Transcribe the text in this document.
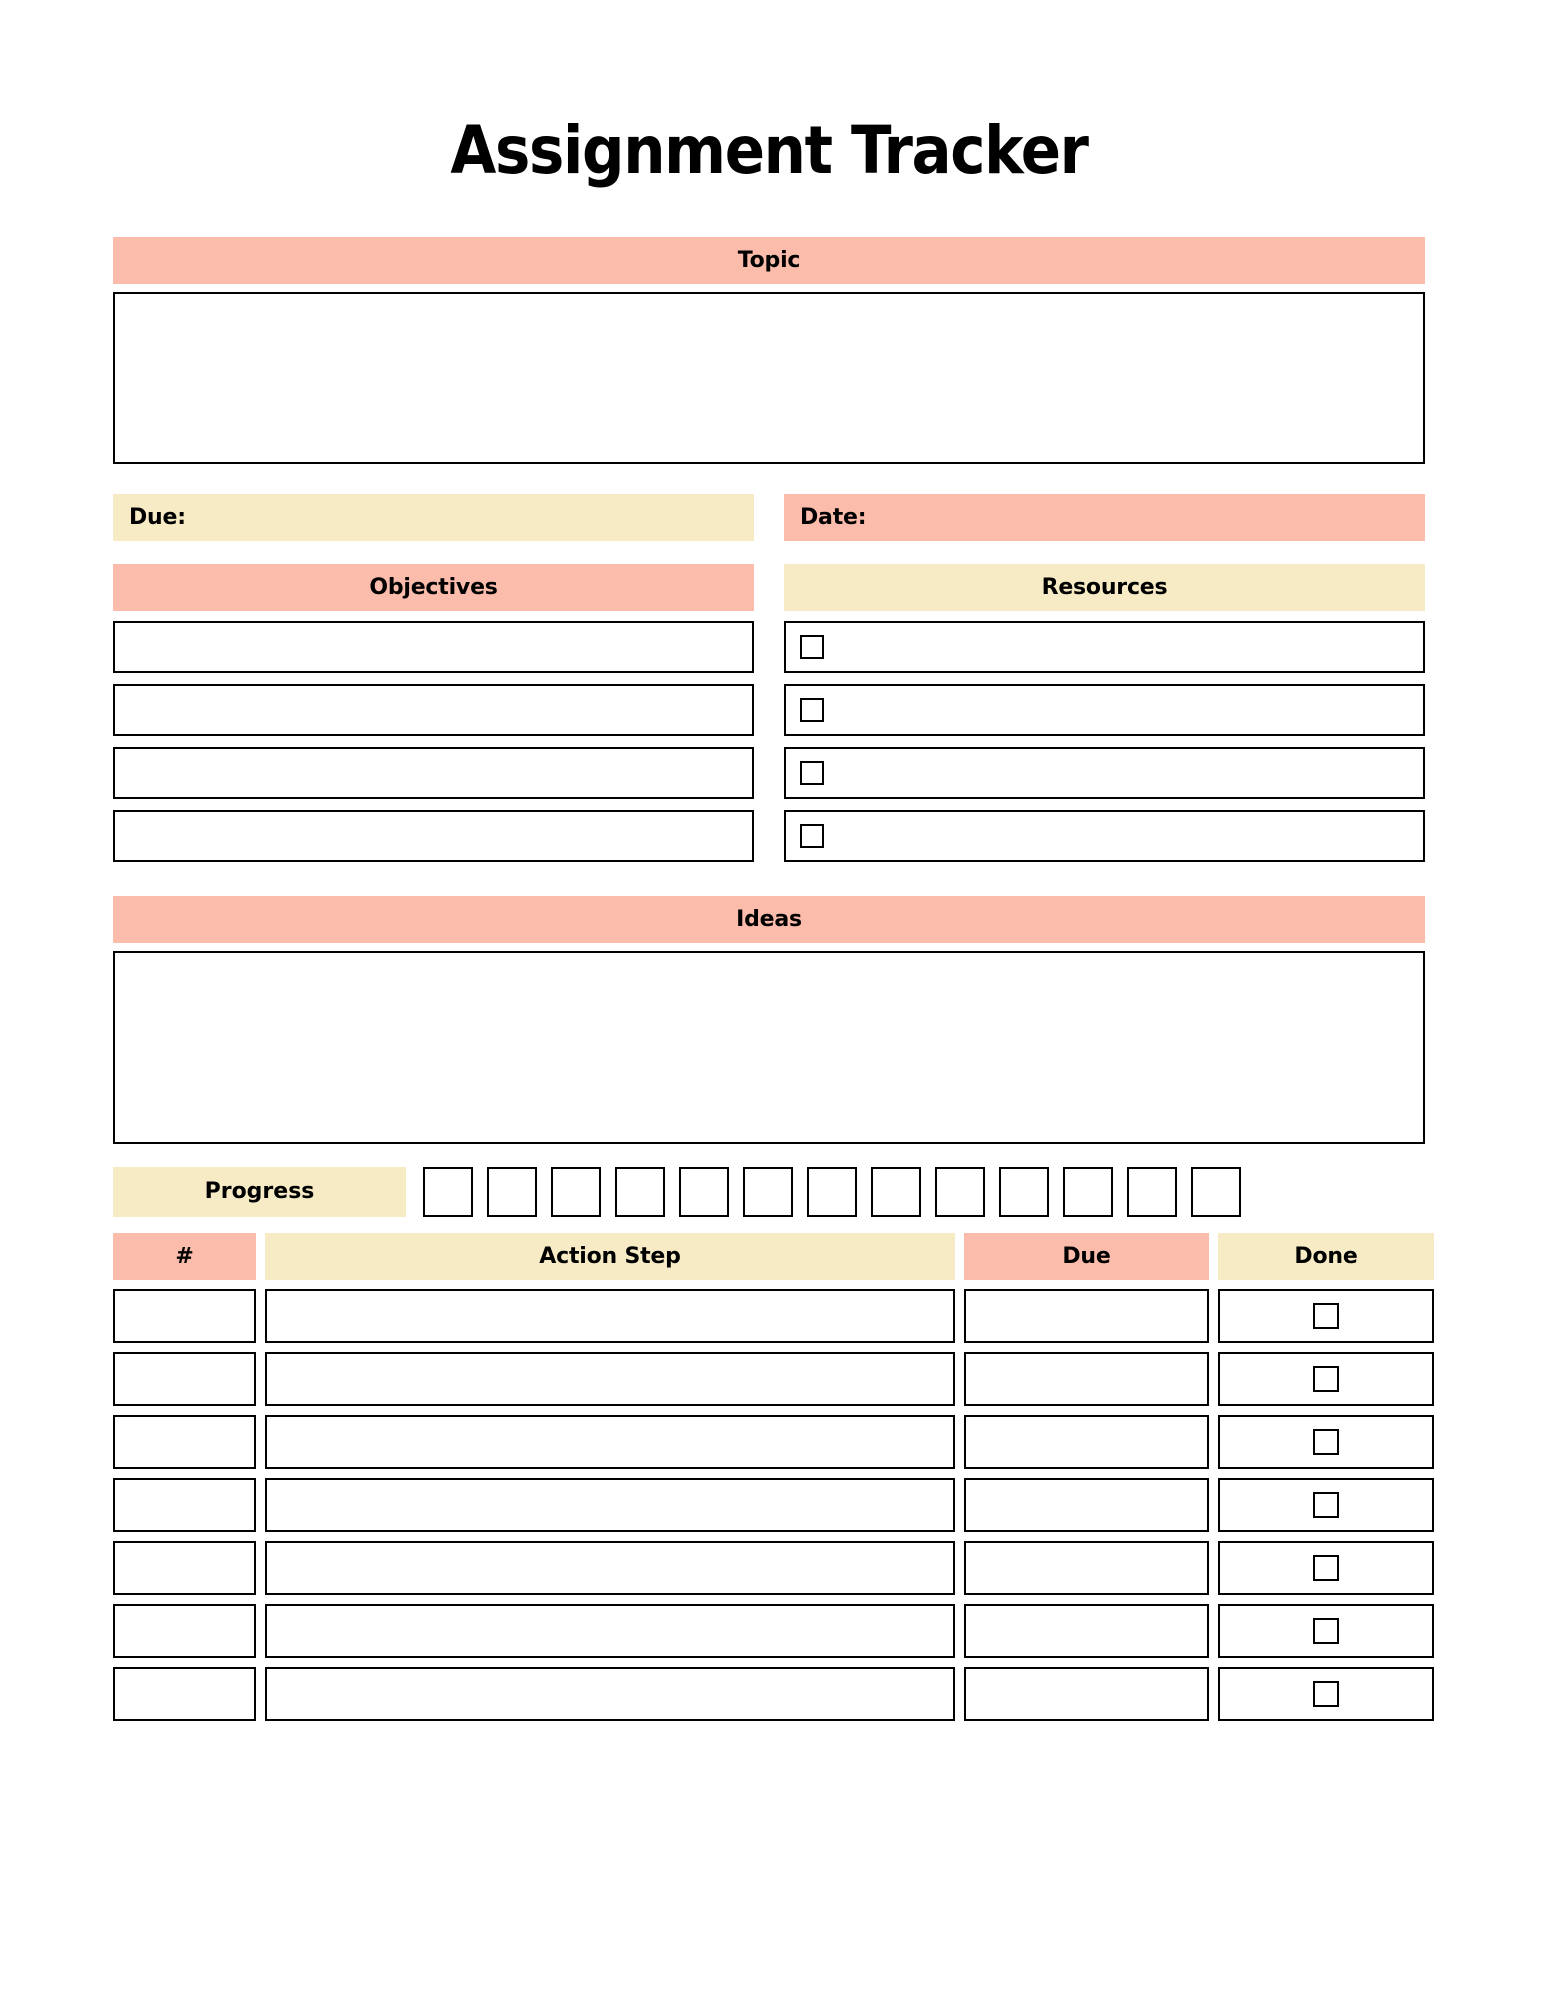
Assignment Tracker
Topic
Due:	Date:
Objectives	Resources
Ideas
Progress
#	Action Step	Due	Done
